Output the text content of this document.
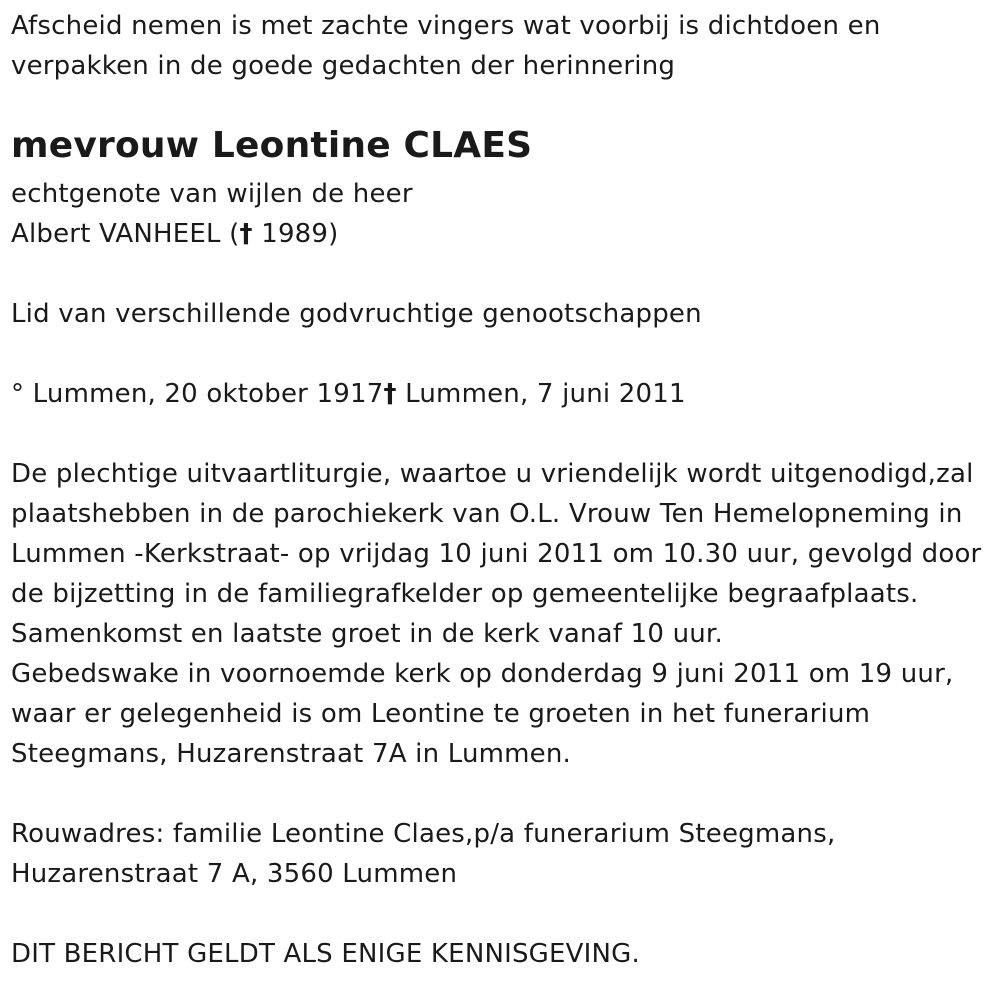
Afscheid nemen is met zachte vingers wat voorbij is dichtdoen en
verpakken in de goede gedachten der herinnering
mevrouw Leontine CLAES
echtgenote van wijlen de heer
Albert VANHEEL († 1989)
Lid van verschillende godvruchtige genootschappen
° Lummen, 20 oktober 1917† Lummen, 7 juni 2011
De plechtige uitvaartliturgie, waartoe u vriendelijk wordt uitgenodigd,zal
plaatshebben in de parochiekerk van O.L. Vrouw Ten Hemelopneming in
Lummen -Kerkstraat- op vrijdag 10 juni 2011 om 10.30 uur, gevolgd door
de bijzetting in de familiegrafkelder op gemeentelijke begraafplaats.
Samenkomst en laatste groet in de kerk vanaf 10 uur.
Gebedswake in voornoemde kerk op donderdag 9 juni 2011 om 19 uur,
waar er gelegenheid is om Leontine te groeten in het funerarium
Steegmans, Huzarenstraat 7A in Lummen.
Rouwadres: familie Leontine Claes,p/a funerarium Steegmans,
Huzarenstraat 7 A, 3560 Lummen
DIT BERICHT GELDT ALS ENIGE KENNISGEVING.
